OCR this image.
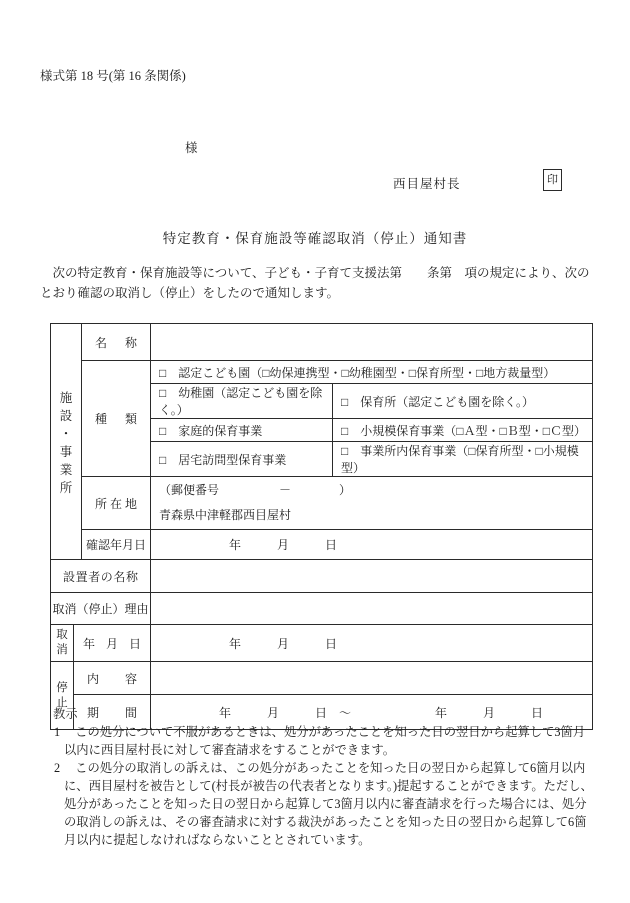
様式第 18 号(第 16 条関係)
様
西目屋村長	印
特定教育・保育施設等確認取消（停止）通知書
　次の特定教育・保育施設等について、子ども・子育て支援法第　　条第　項の規定により、次のとおり確認の取消し（停止）をしたので通知します。
施
設
・
事
業
所

名 称

		種 類	□　認定こども園（□幼保連携型・□幼稚園型・□保育所型・□地方裁量型）	
			□　幼稚園（認定こども園を除く。）	□　保育所（認定こども園を除く。）
			□　家庭的保育事業	□　小規模保育事業（□Ａ型・□Ｂ型・□Ｃ型）
			□　居宅訪問型保育事業	□　事業所内保育事業（□保育所型・□小規模型）

所 在 地

（郵便番号　　　　　－　　　　）
青森県中津軽郡西目屋村

		確認年月日	年　　　月　　　日	

設 置 者 の 名 称

取消（停止）理由				

取
消	年 月 日		年　　　月　　　日	

停
止	内 容			

	期 間		年　　　月　　　日　～　　　　　　　年　　　月　　　日	
教示
1 この処分について不服があるときは、処分があったことを知った日の翌日から起算して3箇月以内に西目屋村長に対して審査請求をすることができます。
2 この処分の取消しの訴えは、この処分があったことを知った日の翌日から起算して6箇月以内に、西目屋村を被告として(村長が被告の代表者となります。)提起することができます。ただし、処分があったことを知った日の翌日から起算して3箇月以内に審査請求を行った場合には、処分の取消しの訴えは、その審査請求に対する裁決があったことを知った日の翌日から起算して6箇月以内に提起しなければならないこととされています。
